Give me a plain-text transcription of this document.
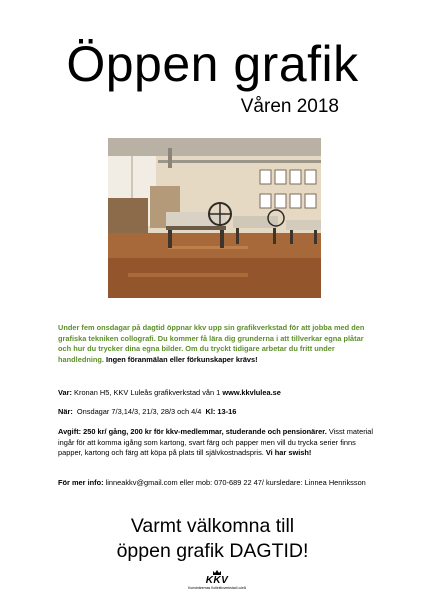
Öppen grafik
Våren 2018
Under fem onsdagar på dagtid öppnar kkv upp sin grafikverkstad för att jobba med den grafiska tekniken collografi. Du kommer få lära dig grunderna i att tillverkar egna plåtar och hur du trycker dina egna bilder. Om du tryckt tidigare arbetar du fritt under handledning. Ingen föranmälan eller förkunskaper krävs!
Var: Kronan H5, KKV Luleås grafikverkstad vån 1 www.kkvlulea.se
När: Onsdagar 7/3,14/3, 21/3, 28/3 och 4/4 Kl: 13-16
Avgift: 250 kr/ gång, 200 kr för kkv-medlemmar, studerande och pensionärer. Visst material ingår för att komma igång som kartong, svart färg och papper men vill du trycka serier finns papper, kartong och färg att köpa på plats till självkostnadspris. Vi har swish!
För mer info: linneakkv@gmail.com eller mob: 070-689 22 47/ kursledare: Linnea Henriksson
Varmt välkomna till
öppen grafik DAGTID!
KKV
Konstnärernas Kollektivverkstad Luleå
